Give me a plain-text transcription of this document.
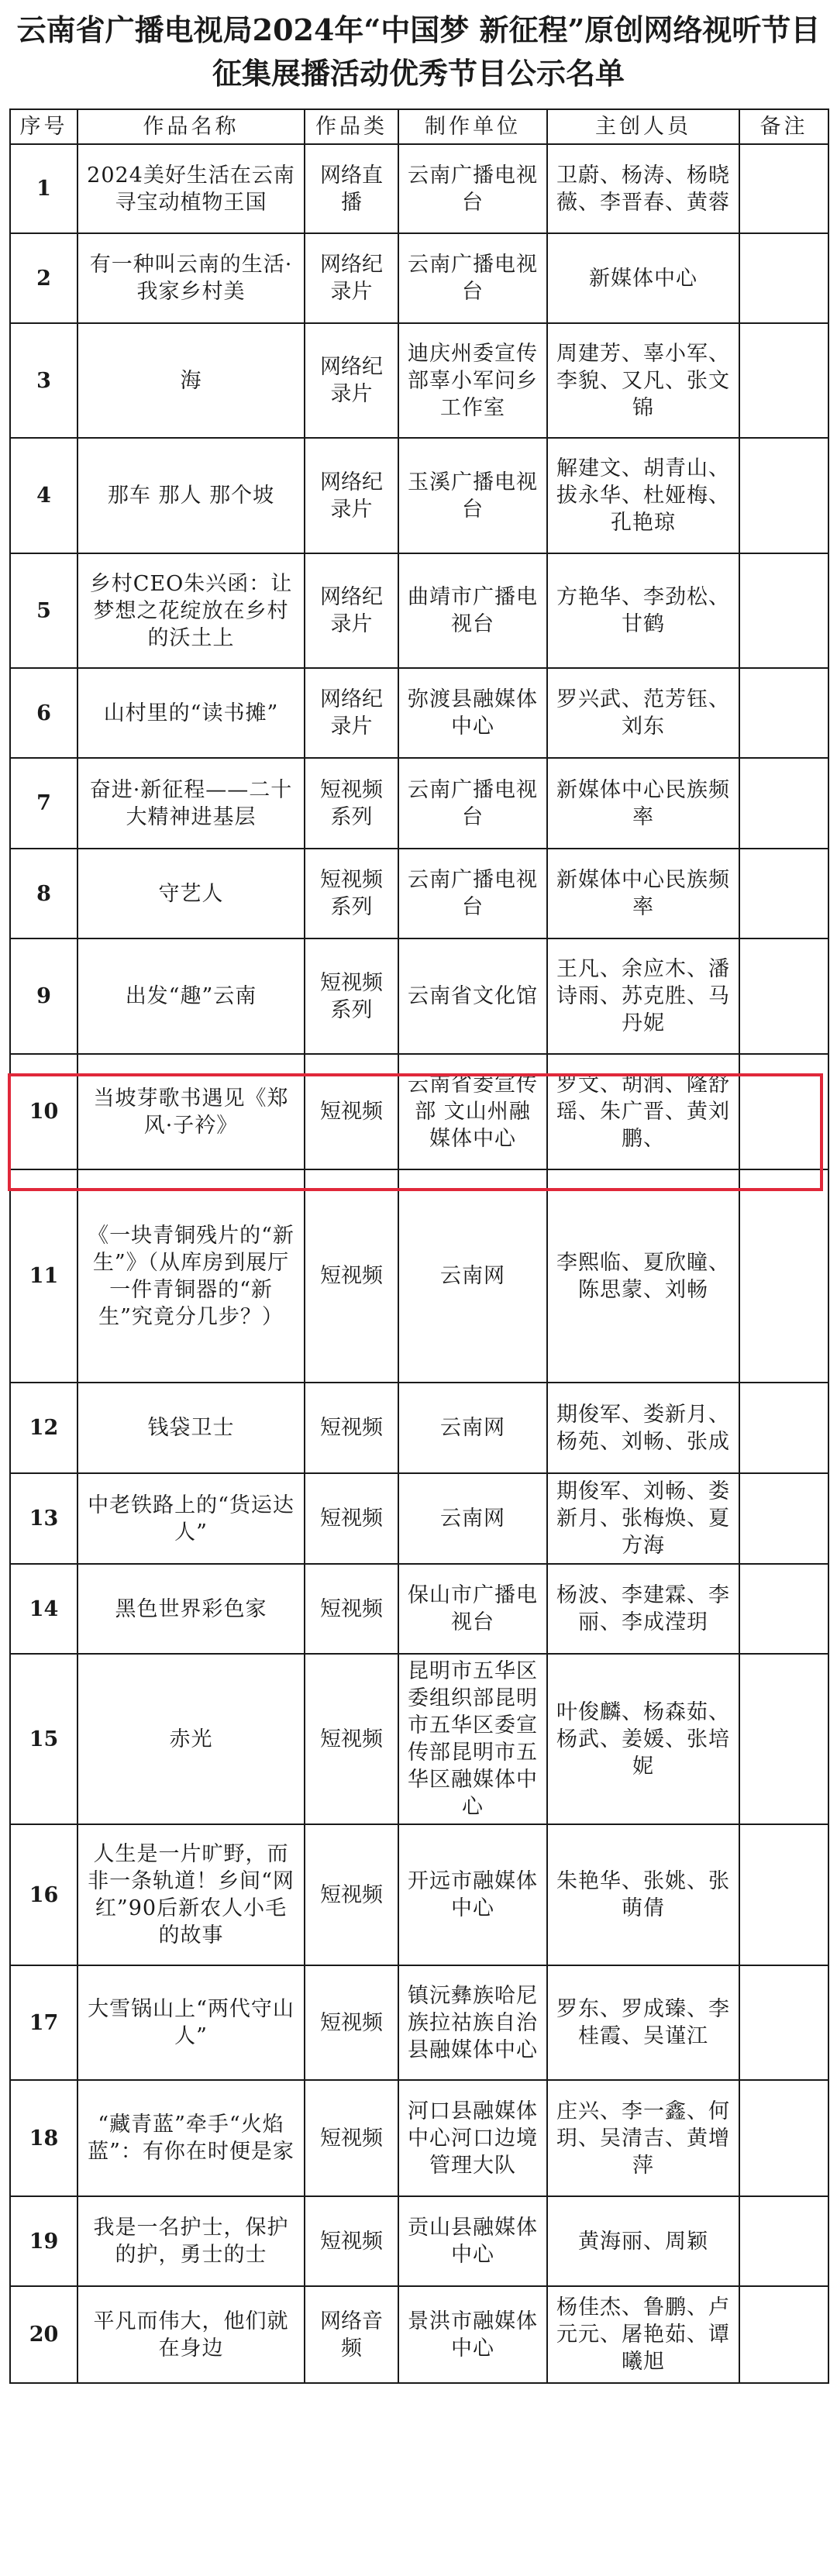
云南省广播电视局2024年“中国梦 新征程”原创网络视听节目征集展播活动优秀节目公示名单
序号	作品名称	作品类	制作单位	主创人员	备注
1	2024美好生活在云南寻宝动植物王国	网络直播	云南广播电视台	卫蔚、杨涛、杨晓薇、李晋春、黄蓉	
2	有一种叫云南的生活·我家乡村美	网络纪录片	云南广播电视台	新媒体中心	
3	海	网络纪录片	迪庆州委宣传部辜小军问乡工作室	周建芳、辜小军、李貌、又凡、张文锦	
4	那车 那人 那个坡	网络纪录片	玉溪广播电视台	解建文、胡青山、拔永华、杜娅梅、孔艳琼	
5	乡村CEO朱兴函：让梦想之花绽放在乡村的沃土上	网络纪录片	曲靖市广播电视台	方艳华、李劲松、甘鹤	
6	山村里的“读书摊”	网络纪录片	弥渡县融媒体中心	罗兴武、范芳钰、刘东	
7	奋进·新征程——二十大精神进基层	短视频系列	云南广播电视台	新媒体中心民族频率	
8	守艺人	短视频系列	云南广播电视台	新媒体中心民族频率	
9	出发“趣”云南	短视频系列	云南省文化馆	王凡、余应木、潘诗雨、苏克胜、马丹妮	
10	当坡芽歌书遇见《郑风·子衿》	短视频	云南省委宣传部 文山州融媒体中心	罗文、胡润、隆舒瑶、朱广晋、黄刘鹏、	
11	《一块青铜残片的“新生”》（从库房到展厅 一件青铜器的“新生”究竟分几步？）	短视频	云南网	李熙临、夏欣瞳、陈思蒙、刘畅	
12	钱袋卫士	短视频	云南网	期俊军、娄新月、杨苑、刘畅、张成	
13	中老铁路上的“货运达人”	短视频	云南网	期俊军、刘畅、娄新月、张梅焕、夏方海	
14	黑色世界彩色家	短视频	保山市广播电视台	杨波、李建霖、李丽、李成滢玥	
15	赤光	短视频	昆明市五华区委组织部昆明市五华区委宣传部昆明市五华区融媒体中心	叶俊麟、杨森茹、杨武、姜媛、张培妮	
16	人生是一片旷野，而非一条轨道！乡间“网红”90后新农人小毛的故事	短视频	开远市融媒体中心	朱艳华、张姚、张萌倩	
17	大雪锅山上“两代守山人”	短视频	镇沅彝族哈尼族拉祜族自治县融媒体中心	罗东、罗成臻、李桂霞、吴谨江	
18	“藏青蓝”牵手“火焰蓝”：有你在时便是家	短视频	河口县融媒体中心河口边境管理大队	庄兴、李一鑫、何玥、吴清吉、黄增萍	
19	我是一名护士，保护的护，勇士的士	短视频	贡山县融媒体中心	黄海丽、周颖	
20	平凡而伟大，他们就在身边	网络音频	景洪市融媒体中心	杨佳杰、鲁鹏、卢元元、屠艳茹、谭曦旭	
